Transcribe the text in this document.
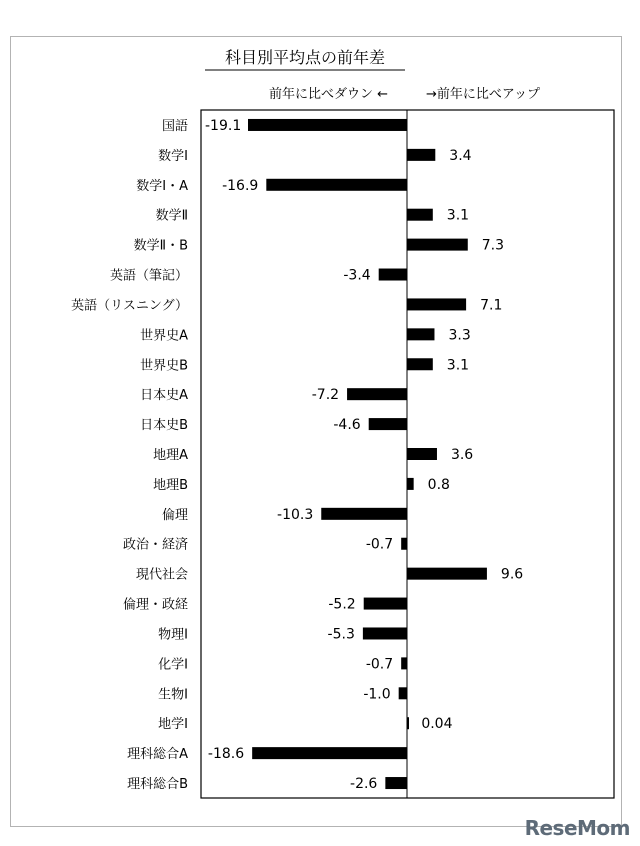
科目別平均点の前年差
前年に比べダウン ←	→前年に比べアップ
国語 -19.1
数学Ⅰ	3.4
数学Ⅰ・A -16.9
数学Ⅱ	3.1
数学Ⅱ・B	7.3
英語（筆記）	-3.4
英語（リスニング）	7.1
世界史A	3.3
世界史B	3.1
日本史A	-7.2
日本史B	-4.6
地理A	3.6
地理B	0.8
倫理	-10.3
政治・経済	-0.7
現代社会	9.6
倫理・政経	-5.2
物理Ⅰ	-5.3
化学Ⅰ	-0.7
生物Ⅰ	-1.0
地学Ⅰ	0.04
理科総合A -18.6
理科総合B	-2.6
ReseMom
